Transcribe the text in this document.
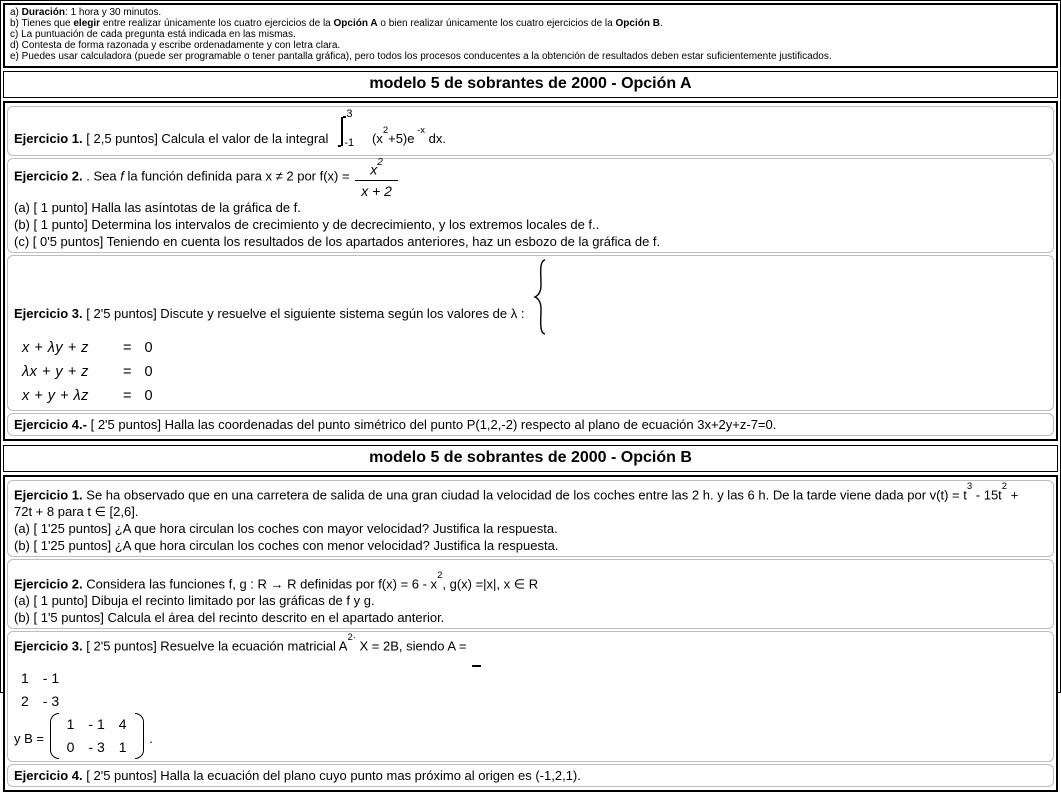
a) Duración: 1 hora y 30 minutos.
b) Tienes que elegir entre realizar únicamente los cuatro ejercicios de la Opción A o bien realizar únicamente los cuatro ejercicios de la Opción B.
c) La puntuación de cada pregunta está indicada en las mismas.
d) Contesta de forma razonada y escribe ordenadamente y con letra clara.
e) Puedes usar calculadora (puede ser programable o tener pantalla gráfica), pero todos los procesos conducentes a la obtención de resultados deben estar suficientemente justificados.
modelo 5 de sobrantes de 2000 - Opción A

Ejercicio 1. [ 2,5 puntos] Calcula el valor de la integral
3
-1 $(x^2+5)e$ $^{-x}$ dx.

Ejercicio 2. . Sea f la función definida para x ≠ 2 por $f(x) = \frac{x^2}{x + 2}$

(a) [ 1 punto] Halla las asíntotas de la gráfica de f.

(b) [ 1 punto] Determina los intervalos de crecimiento y de decrecimiento, y los extremos locales de f..

(c) [ 0'5 puntos] Teniendo en cuenta los resultados de los apartados anteriores, haz un esbozo de la gráfica de f.

Ejercicio 3. [ 2'5 puntos] Discute y resuelve el siguiente sistema según los valores de λ :

x + λy + z	=	0
λx + y + z	=	0
x + y + λz	=	0

Ejercicio 4.- [ 2'5 puntos] Halla las coordenadas del punto simétrico del punto P(1,2,-2) respecto al plano de ecuación 3x+2y+z-7=0.

modelo 5 de sobrantes de 2000 - Opción B

Ejercicio 1. Se ha observado que en una carretera de salida de una gran ciudad la velocidad de los coches entre las 2 h. y las 6 h. De la tarde viene dada por $v(t) = t^3 - 15t^2$ +
72t + 8 para t ∈ [2,6].

(a) [ 1'25 puntos] ¿A que hora circulan los coches con mayor velocidad? Justifica la respuesta.

(b) [ 1'25 puntos] ¿A que hora circulan los coches con menor velocidad? Justifica la respuesta.

Ejercicio 2. Considera las funciones f, g : R → R definidas por $f(x) = 6 - x^2$, g(x) =|x|, x ∈ R

(a) [ 1 punto] Dibuja el recinto limitado por las gráficas de f y g.

(b) [ 1'5 puntos] Calcula el área del recinto descrito en el apartado anterior.

Ejercicio 3. [ 2'5 puntos] Resuelve la ecuación matricial $A^{2\cdot}$ X = 2B, siendo A =

1	- 1
2	- 3
y B =
1	- 1	4
0	- 3	1
.

Ejercicio 4. [ 2'5 puntos] Halla la ecuación del plano cuyo punto mas próximo al origen es (-1,2,1).
